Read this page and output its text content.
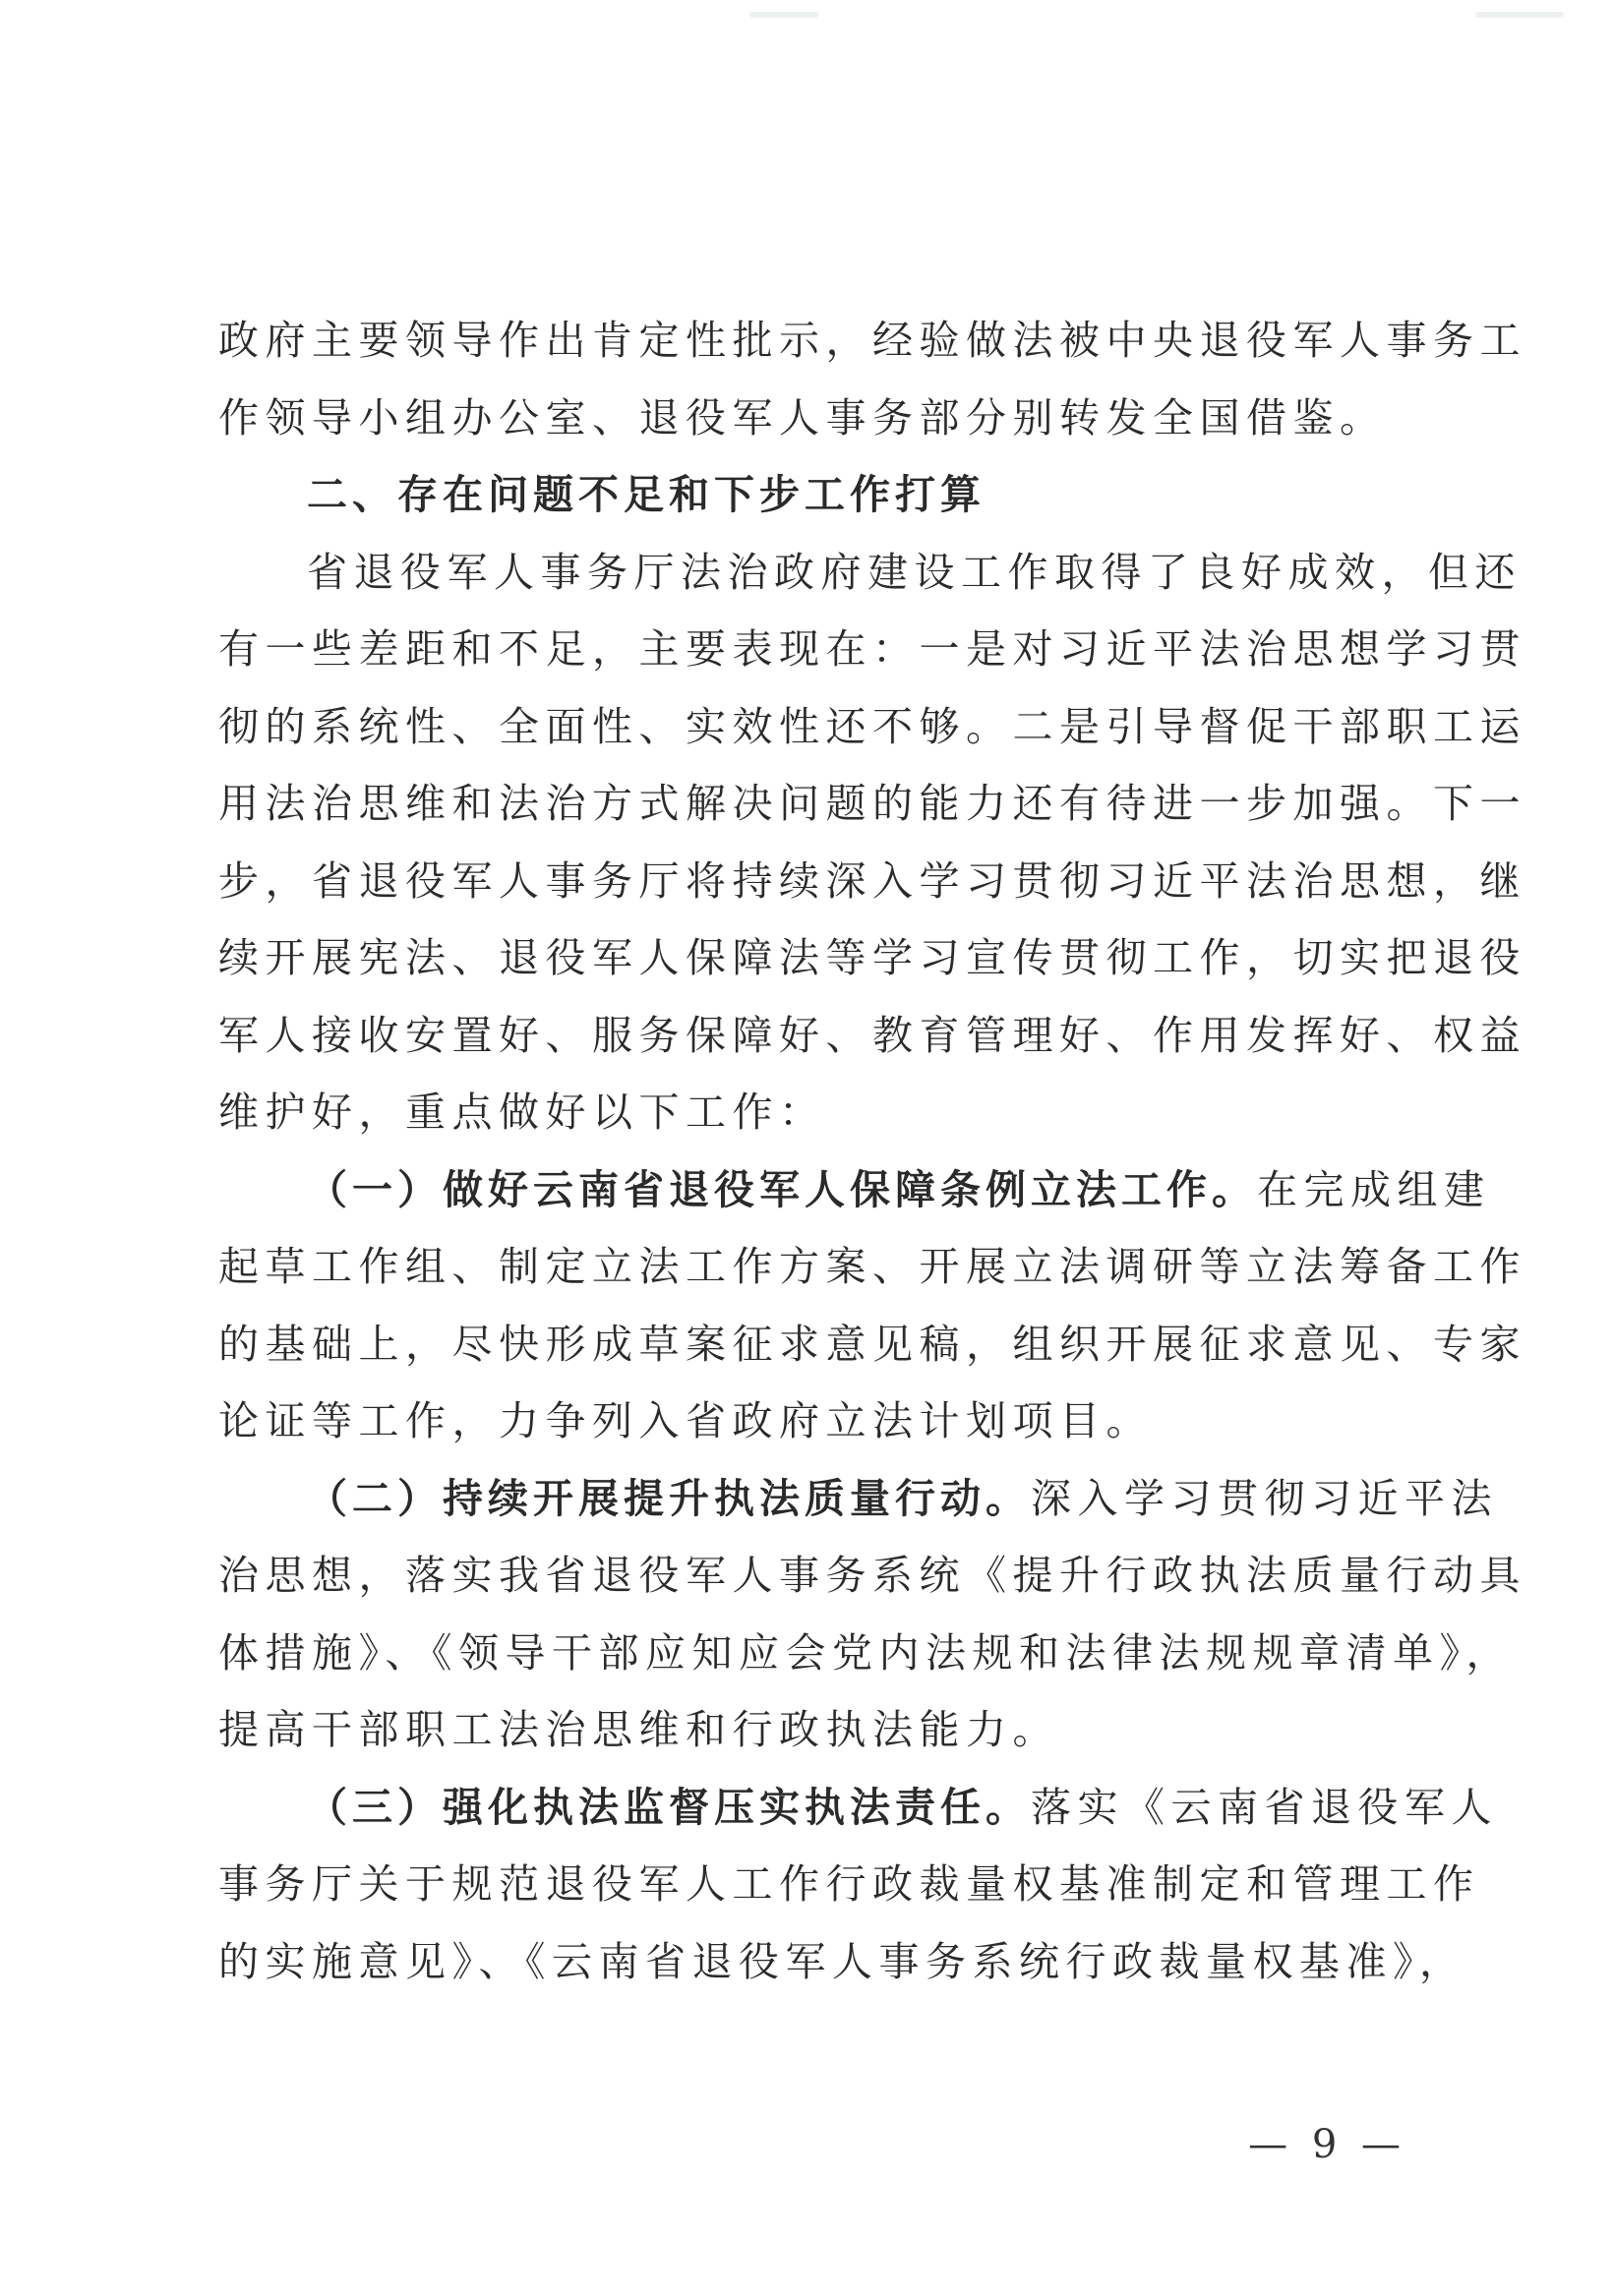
政府主要领导作出肯定性批示，经验做法被中央退役军人事务工
作领导小组办公室、退役军人事务部分别转发全国借鉴。
二、存在问题不足和下步工作打算
省退役军人事务厅法治政府建设工作取得了良好成效，但还
有一些差距和不足，主要表现在：一是对习近平法治思想学习贯
彻的系统性、全面性、实效性还不够。二是引导督促干部职工运
用法治思维和法治方式解决问题的能力还有待进一步加强。下一
步，省退役军人事务厅将持续深入学习贯彻习近平法治思想，继
续开展宪法、退役军人保障法等学习宣传贯彻工作，切实把退役
军人接收安置好、服务保障好、教育管理好、作用发挥好、权益
维护好，重点做好以下工作：
（一）做好云南省退役军人保障条例立法工作。在完成组建
起草工作组、制定立法工作方案、开展立法调研等立法筹备工作
的基础上，尽快形成草案征求意见稿，组织开展征求意见、专家
论证等工作，力争列入省政府立法计划项目。
（二）持续开展提升执法质量行动。深入学习贯彻习近平法
治思想，落实我省退役军人事务系统《提升行政执法质量行动具
体措施》、《领导干部应知应会党内法规和法律法规规章清单》，
提高干部职工法治思维和行政执法能力。
（三）强化执法监督压实执法责任。落实《云南省退役军人
事务厅关于规范退役军人工作行政裁量权基准制定和管理工作
的实施意见》、《云南省退役军人事务系统行政裁量权基准》，
— 9 —
